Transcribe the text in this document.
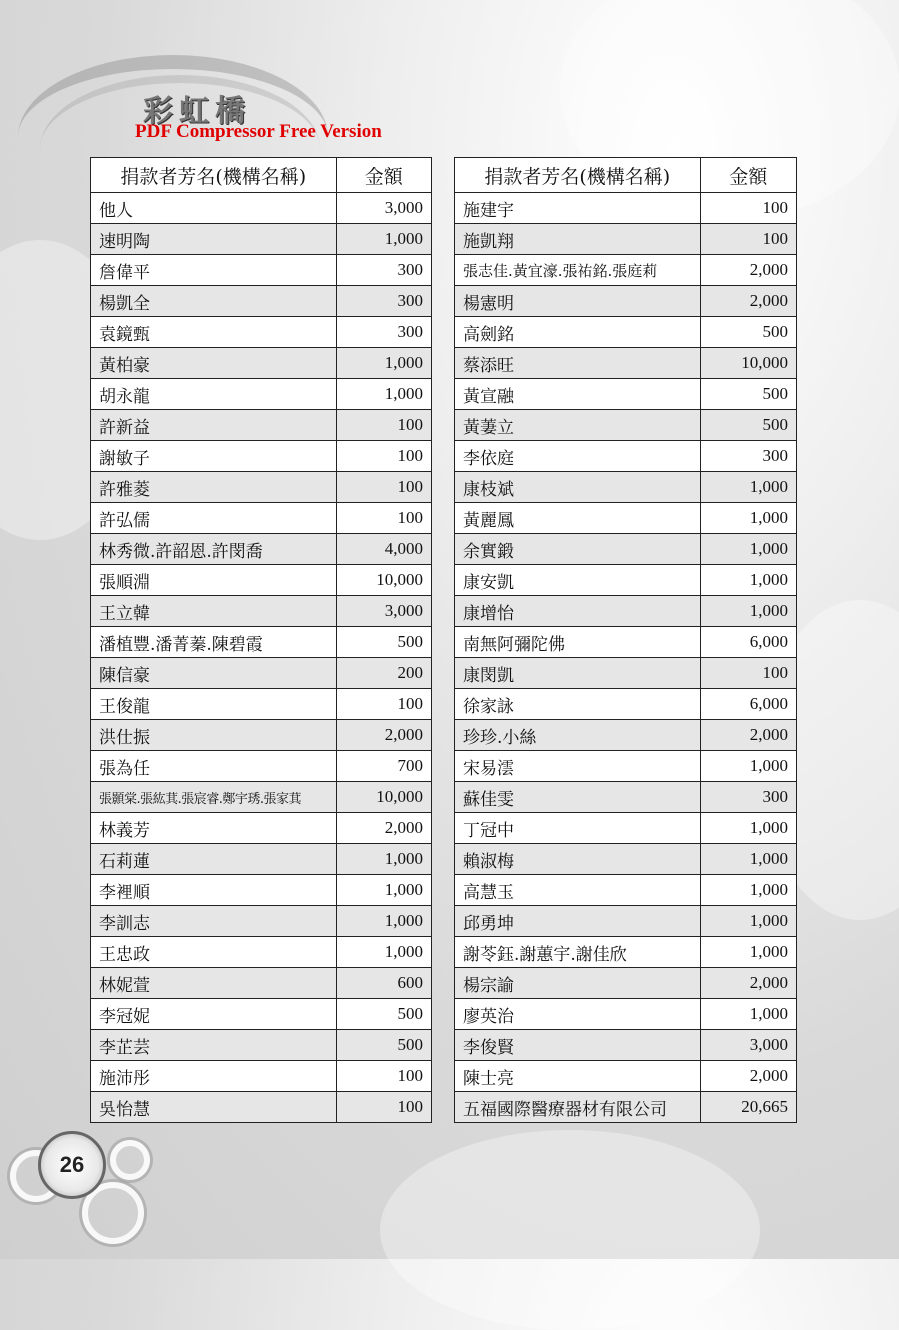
彩虹橋
PDF Compressor Free Version
捐款者芳名(機構名稱)	金額
他人	3,000
速明陶	1,000
詹偉平	300
楊凱全	300
袁鏡甄	300
黃柏豪	1,000
胡永龍	1,000
許新益	100
謝敏子	100
許雅菱	100
許弘儒	100
林秀微.許韶恩.許閔喬	4,000
張順淵	10,000
王立韓	3,000
潘植豐.潘菁蓁.陳碧霞	500
陳信豪	200
王俊龍	100
洪仕振	2,000
張為任	700
張顥棠.張紘萁.張宸睿.鄭宇琇.張家萁	10,000
林義芳	2,000
石莉蓮	1,000
李裡順	1,000
李訓志	1,000
王忠政	1,000
林妮萱	600
李冠妮	500
李芷芸	500
施沛彤	100
吳怡慧	100
捐款者芳名(機構名稱)	金額
施建宇	100
施凱翔	100
張志佳.黃宜濠.張祐銘.張庭莉	2,000
楊憲明	2,000
高劍銘	500
蔡添旺	10,000
黃宣融	500
黃萋立	500
李依庭	300
康枝斌	1,000
黃麗鳳	1,000
余實鍛	1,000
康安凱	1,000
康增怡	1,000
南無阿彌陀佛	6,000
康閔凱	100
徐家詠	6,000
珍珍.小絲	2,000
宋易澐	1,000
蘇佳雯	300
丁冠中	1,000
賴淑梅	1,000
高慧玉	1,000
邱勇坤	1,000
謝苓鈺.謝蕙宇.謝佳欣	1,000
楊宗諭	2,000
廖英治	1,000
李俊賢	3,000
陳士亮	2,000
五福國際醫療器材有限公司	20,665
26
